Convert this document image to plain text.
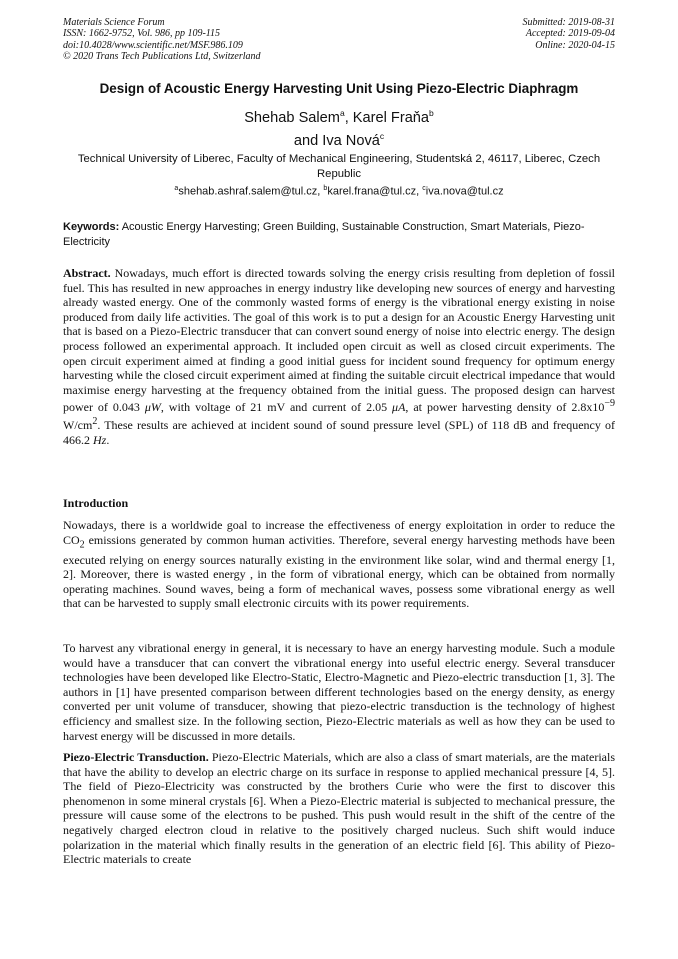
Materials Science Forum
ISSN: 1662-9752, Vol. 986, pp 109-115
doi:10.4028/www.scientific.net/MSF.986.109
© 2020 Trans Tech Publications Ltd, Switzerland
Submitted: 2019-08-31
Accepted: 2019-09-04
Online: 2020-04-15
Design of Acoustic Energy Harvesting Unit Using Piezo-Electric Diaphragm
Shehab Salem$^a$, Karel Fraňa$^b$
and Iva Nová$^c$
Technical University of Liberec, Faculty of Mechanical Engineering, Studentská 2, 46117, Liberec, Czech Republic
$^a$shehab.ashraf.salem@tul.cz, $^b$karel.frana@tul.cz, $^c$iva.nova@tul.cz
Keywords: Acoustic Energy Harvesting; Green Building, Sustainable Construction, Smart Materials, Piezo-Electricity
Abstract. Nowadays, much effort is directed towards solving the energy crisis resulting from depletion of fossil fuel. This has resulted in new approaches in energy industry like developing new sources of energy and harvesting already wasted energy. One of the commonly wasted forms of energy is the vibrational energy existing in noise produced from daily life activities. The goal of this work is to put a design for an Acoustic Energy Harvesting unit that is based on a Piezo-Electric transducer that can convert sound energy of noise into electric energy. The design process followed an experimental approach. It included open circuit as well as closed circuit experiments. The open circuit experiment aimed at finding a good initial guess for incident sound frequency for optimum energy harvesting while the closed circuit experiment aimed at finding the suitable circuit electrical impedance that would maximise energy harvesting at the frequency obtained from the initial guess. The proposed design can harvest power of 0.043 μW, with voltage of 21 mV and current of 2.05 μA, at power harvesting density of $2.8x10^{-9}$ $W/cm^2$. These results are achieved at incident sound of sound pressure level (SPL) of 118 dB and frequency of 466.2 Hz.
Introduction
Nowadays, there is a worldwide goal to increase the effectiveness of energy exploitation in order to reduce the $CO_2$ emissions generated by common human activities. Therefore, several energy harvesting methods have been executed relying on energy sources naturally existing in the environment like solar, wind and thermal energy [1, 2]. Moreover, there is wasted energy , in the form of vibrational energy, which can be obtained from normally operating machines. Sound waves, being a form of mechanical waves, possess some vibrational energy as well that can be harvested to supply small electronic circuits with its power requirements.
To harvest any vibrational energy in general, it is necessary to have an energy harvesting module. Such a module would have a transducer that can convert the vibrational energy into useful electric energy. Several transducer technologies have been developed like Electro-Static, Electro-Magnetic and Piezo-electric transduction [1, 3]. The authors in [1] have presented comparison between different technologies based on the energy density, as energy converted per unit volume of transducer, showing that piezo-electric transduction is the technology of highest efficiency and smallest size. In the following section, Piezo-Electric materials as well as how they can be used to harvest energy will be discussed in more details.
Piezo-Electric Transduction. Piezo-Electric Materials, which are also a class of smart materials, are the materials that have the ability to develop an electric charge on its surface in response to applied mechanical pressure [4, 5]. The field of Piezo-Electricity was constructed by the brothers Curie who were the first to discover this phenomenon in some mineral crystals [6]. When a Piezo-Electric material is subjected to mechanical pressure, the pressure will cause some of the electrons to be pushed. This push would result in the shift of the centre of the negatively charged electron cloud in relative to the positively charged nucleus. Such shift would induce polarization in the material which finally results in the generation of an electric field [6]. This ability of Piezo-Electric materials to create
